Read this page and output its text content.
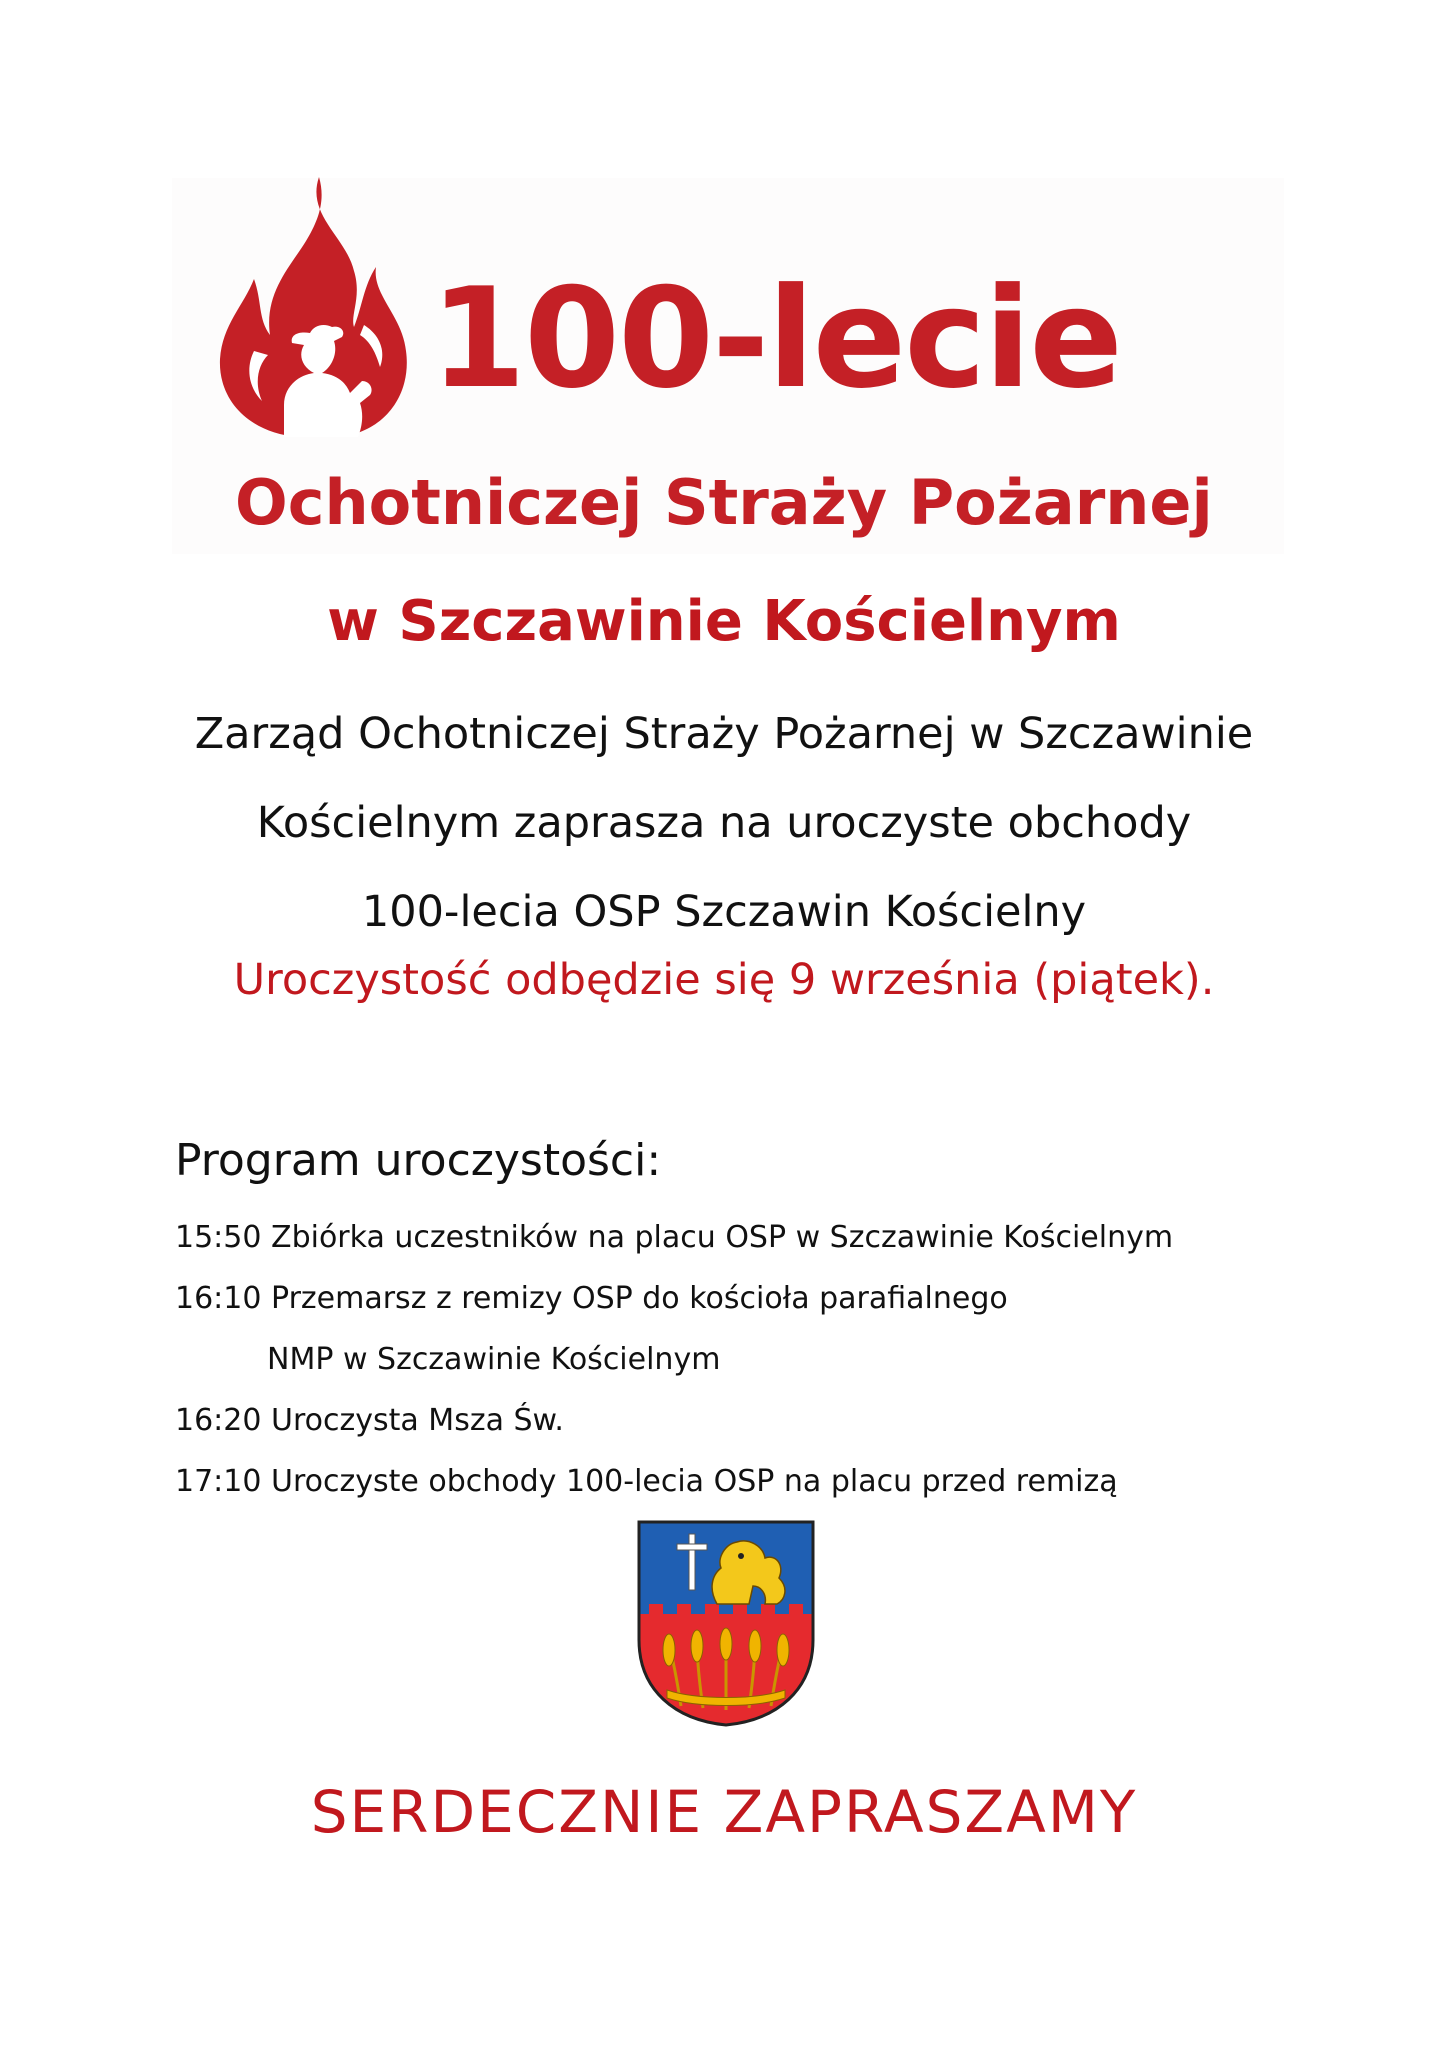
100-lecie
Ochotniczej Straży Pożarnej
w Szczawinie Kościelnym
Zarząd Ochotniczej Straży Pożarnej w Szczawinie
Kościelnym zaprasza na uroczyste obchody
100-lecia OSP Szczawin Kościelny
Uroczystość odbędzie się 9 września (piątek).
Program uroczystości:
15:50 Zbiórka uczestników na placu OSP w Szczawinie Kościelnym
16:10 Przemarsz z remizy OSP do kościoła parafialnego
NMP w Szczawinie Kościelnym
16:20 Uroczysta Msza Św.
17:10 Uroczyste obchody 100-lecia OSP na placu przed remizą
SERDECZNIE ZAPRASZAMY
